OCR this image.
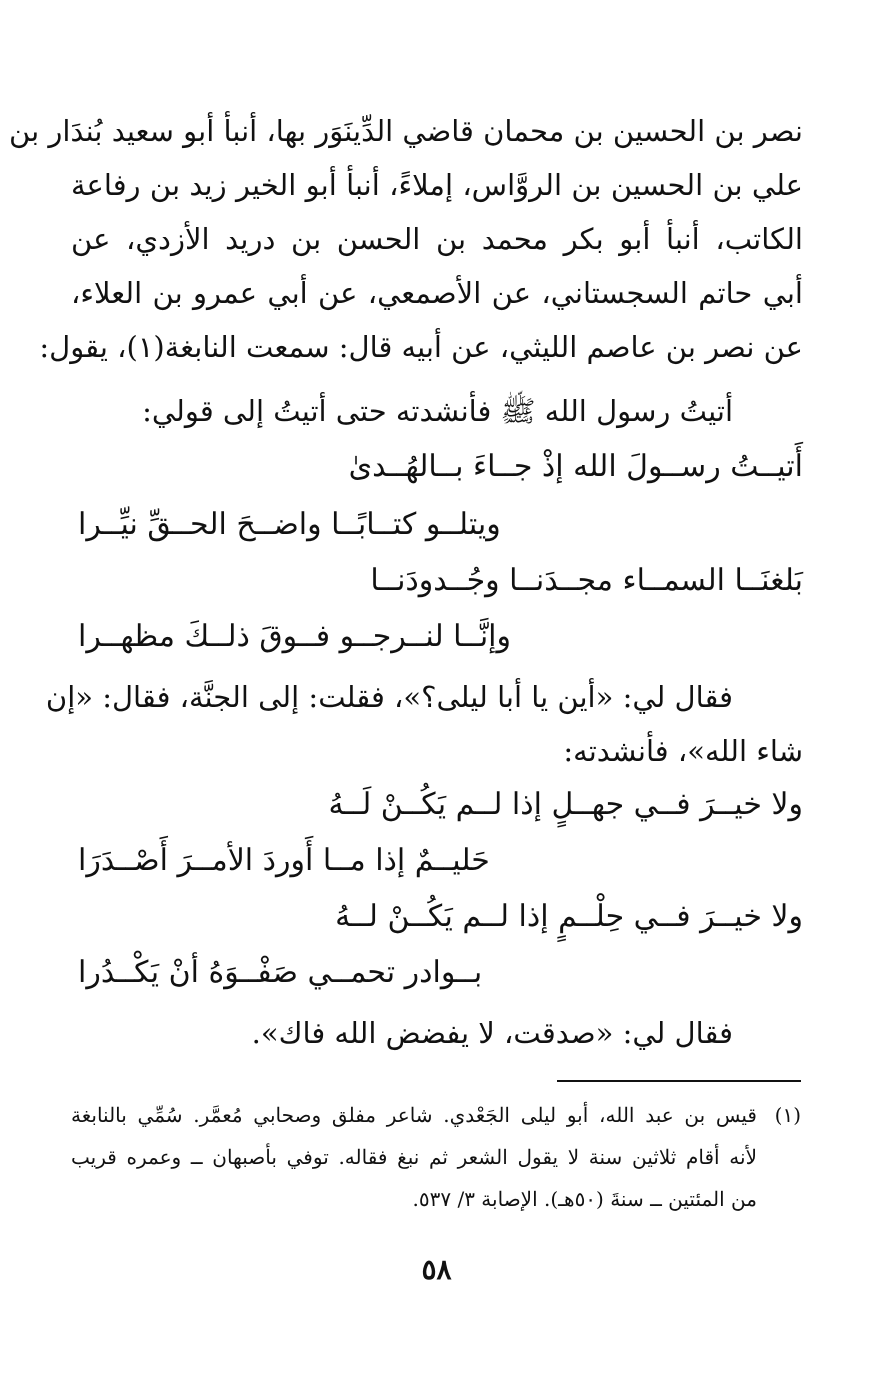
نصر بن الحسين بن محمان قاضي الدِّينَوَر بها، أنبأ أبو سعيد بُندَار بن
علي بن الحسين بن الروَّاس، إملاءً، أنبأ أبو الخير زيد بن رفاعة
الكاتب، أنبأ أبو بكر محمد بن الحسن بن دريد الأزدي، عن
أبي حاتم السجستاني، عن الأصمعي، عن أبي عمرو بن العلاء،
عن نصر بن عاصم الليثي، عن أبيه قال: سمعت النابغة(١)، يقول:
أتيتُ رسول الله ﷺ فأنشدته حتى أتيتُ إلى قولي:
أَتيــتُ رســولَ الله إذْ جــاءَ بــالهُــدىٰ
ويتلــو كتــابًــا واضــحَ الحــقِّ نيِّــرا
بَلغنَــا السمــاء مجــدَنــا وجُــدودَنــا
وإنَّــا لنــرجــو فــوقَ ذلــكَ مظهــرا
فقال لي: «أين يا أبا ليلى؟»، فقلت: إلى الجنَّة، فقال: «إن
شاء الله»، فأنشدته:
ولا خيــرَ فــي جهــلٍ إذا لــم يَكُــنْ لَــهُ
حَليــمٌ إذا مــا أَوردَ الأمــرَ أَصْــدَرَا
ولا خيــرَ فــي حِلْــمٍ إذا لــم يَكُــنْ لــهُ
بــوادر تحمــي صَفْــوَهُ أنْ يَكْــدُرا
فقال لي: «صدقت، لا يفضض الله فاك».
(١)قيس بن عبد الله، أبو ليلى الجَعْدي. شاعر مفلق وصحابي مُعمَّر. سُمِّي بالنابغة
لأنه أقام ثلاثين سنة لا يقول الشعر ثم نبغ فقاله. توفي بأصبهان ــ وعمره قريب
من المئتين ــ سنةَ (٥٠هـ). الإصابة ٣/ ٥٣٧.
٥٨
